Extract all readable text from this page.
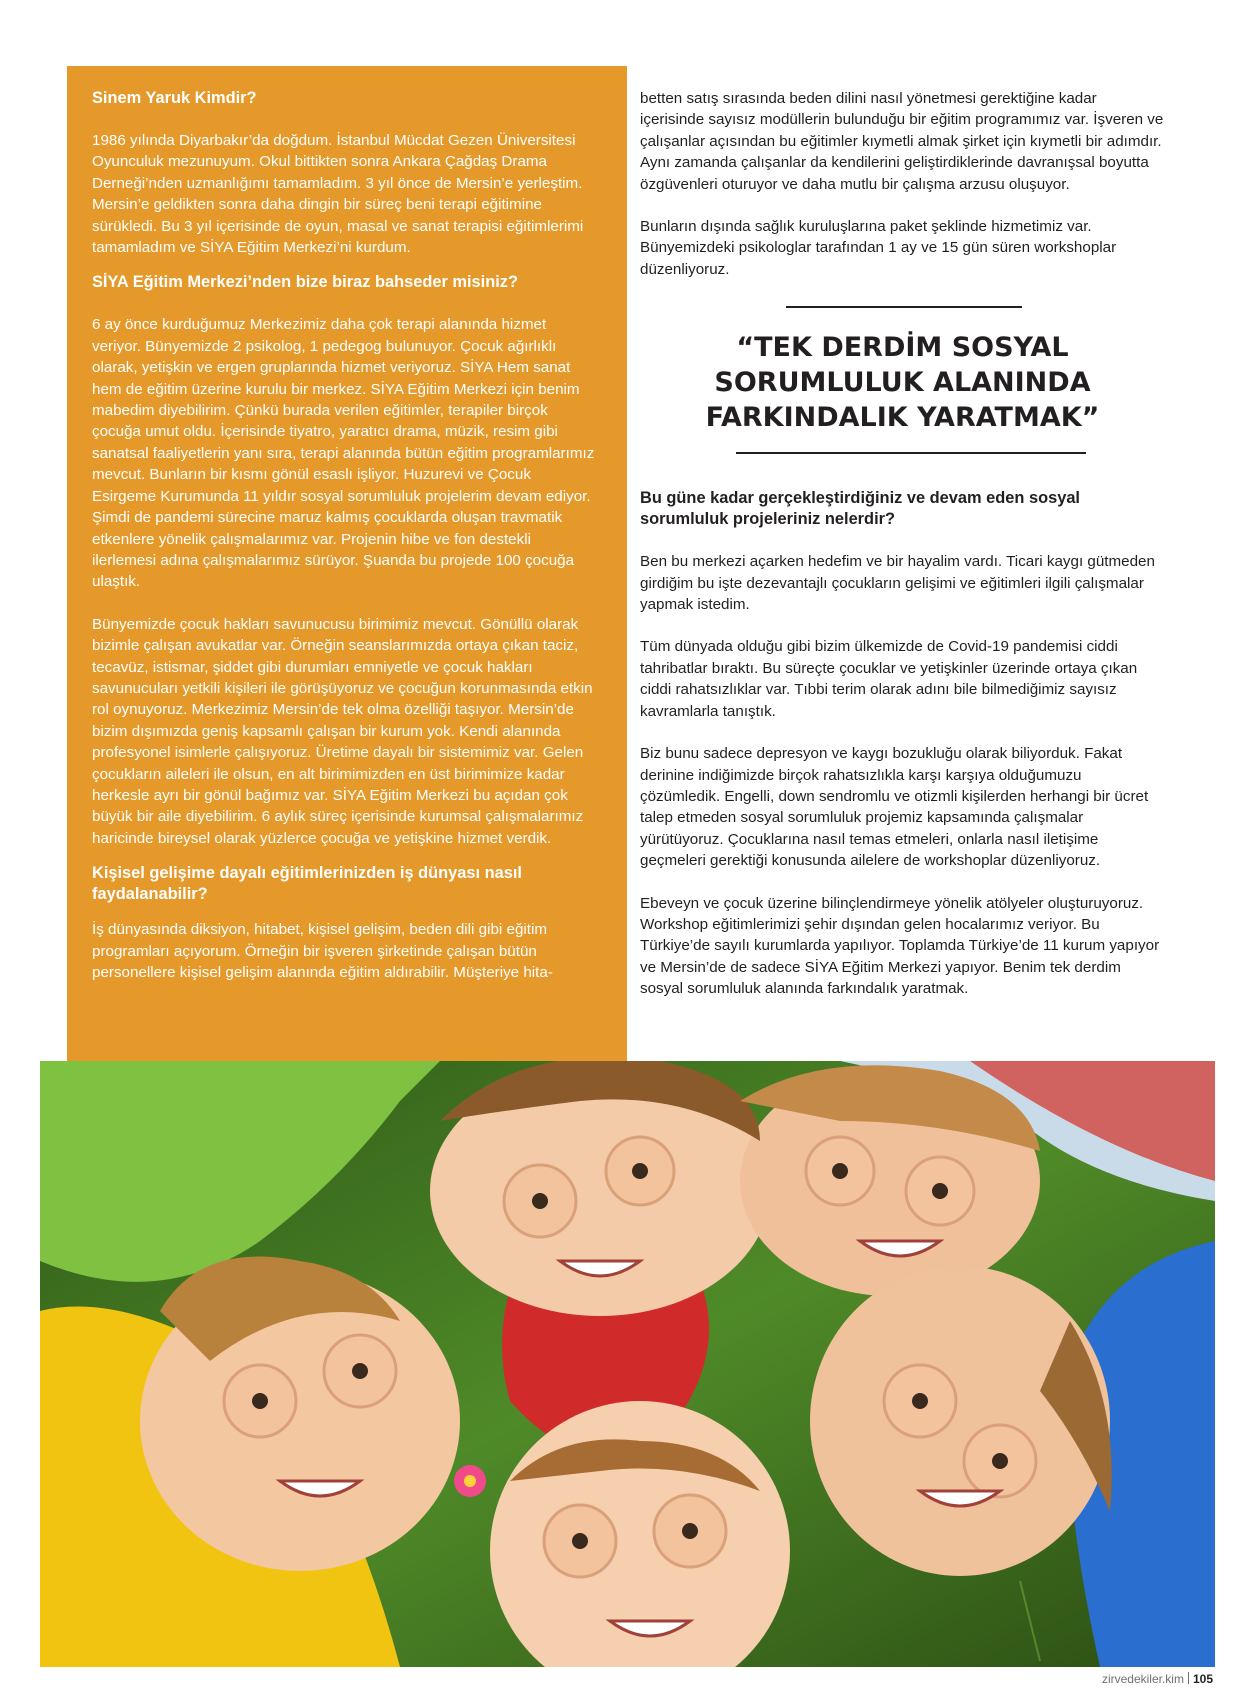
Sinem Yaruk Kimdir?

1986 yılında Diyarbakır’da doğdum. İstanbul Mücdat Gezen Üniversitesi Oyunculuk mezunuyum. Okul bittikten sonra Ankara Çağdaş Drama Derneği’nden uzmanlığımı tamamladım. 3 yıl önce de Mersin’e yerleştim. Mersin’e geldikten sonra daha dingin bir süreç beni terapi eğitimine sürükledi. Bu 3 yıl içerisinde de oyun, masal ve sanat terapisi eğitimlerimi tamamladım ve SİYA Eğitim Merkezi’ni kurdum.

SİYA Eğitim Merkezi’nden bize biraz bahseder misiniz?

6 ay önce kurduğumuz Merkezimiz daha çok terapi alanında hizmet veriyor. Bünyemizde 2 psikolog, 1 pedegog bulunuyor. Çocuk ağırlıklı olarak, yetişkin ve ergen gruplarında hizmet veriyoruz. SİYA Hem sanat hem de eğitim üzerine kurulu bir merkez. SİYA Eğitim Merkezi için benim mabedim diyebilirim. Çünkü burada verilen eğitimler, terapiler birçok çocuğa umut oldu. İçerisinde tiyatro, yaratıcı drama, müzik, resim gibi sanatsal faaliyetlerin yanı sıra, terapi alanında bütün eğitim programlarımız mevcut. Bunların bir kısmı gönül esaslı işliyor. Huzurevi ve Çocuk Esirgeme Kurumunda 11 yıldır sosyal sorumluluk projelerim devam ediyor. Şimdi de pandemi sürecine maruz kalmış çocuklarda oluşan travmatik etkenlere yönelik çalışmalarımız var. Projenin hibe ve fon destekli ilerlemesi adına çalışmalarımız sürüyor. Şuanda bu projede 100 çocuğa ulaştık.

Bünyemizde çocuk hakları savunucusu birimimiz mevcut. Gönüllü olarak bizimle çalışan avukatlar var. Örneğin seanslarımızda ortaya çıkan taciz, tecavüz, istismar, şiddet gibi durumları emniyetle ve çocuk hakları savunucuları yetkili kişileri ile görüşüyoruz ve çocuğun korunmasında etkin rol oynuyoruz. Merkezimiz Mersin’de tek olma özelliği taşıyor. Mersin’de bizim dışımızda geniş kapsamlı çalışan bir kurum yok. Kendi alanında profesyonel isimlerle çalışıyoruz. Üretime dayalı bir sistemimiz var. Gelen çocukların aileleri ile olsun, en alt birimimizden en üst birimimize kadar herkesle ayrı bir gönül bağımız var. SİYA Eğitim Merkezi bu açıdan çok büyük bir aile diyebilirim. 6 aylık süreç içerisinde kurumsal çalışmalarımız haricinde bireysel olarak yüzlerce çocuğa ve yetişkine hizmet verdik.

Kişisel gelişime dayalı eğitimlerinizden iş dünyası nasıl faydalanabilir?

İş dünyasında diksiyon, hitabet, kişisel gelişim, beden dili gibi eğitim programları açıyorum. Örneğin bir işveren şirketinde çalışan bütün personellere kişisel gelişim alanında eğitim aldırabilir. Müşteriye hita-

betten satış sırasında beden dilini nasıl yönetmesi gerektiğine kadar içerisinde sayısız modüllerin bulunduğu bir eğitim programımız var. İşveren ve çalışanlar açısından bu eğitimler kıymetli almak şirket için kıymetli bir adımdır. Aynı zamanda çalışanlar da kendilerini geliştirdiklerinde davranışsal boyutta özgüvenleri oturuyor ve daha mutlu bir çalışma arzusu oluşuyor.

Bunların dışında sağlık kuruluşlarına paket şeklinde hizmetimiz var. Bünyemizdeki psikologlar tarafından 1 ay ve 15 gün süren workshoplar düzenliyoruz.

“TEK DERDİM SOSYAL SORUMLULUK ALANINDA FARKINDALIK YARATMAK”
Bu güne kadar gerçekleştirdiğiniz ve devam eden sosyal sorumluluk projeleriniz nelerdir?

Ben bu merkezi açarken hedefim ve bir hayalim vardı. Ticari kaygı gütmeden girdiğim bu işte dezevantajlı çocukların gelişimi ve eğitimleri ilgili çalışmalar yapmak istedim.

Tüm dünyada olduğu gibi bizim ülkemizde de Covid-19 pandemisi ciddi tahribatlar bıraktı. Bu süreçte çocuklar ve yetişkinler üzerinde ortaya çıkan ciddi rahatsızlıklar var. Tıbbi terim olarak adını bile bilmediğimiz sayısız kavramlarla tanıştık.

Biz bunu sadece depresyon ve kaygı bozukluğu olarak biliyorduk. Fakat derinine indiğimizde birçok rahatsızlıkla karşı karşıya olduğumuzu çözümledik. Engelli, down sendromlu ve otizmli kişilerden herhangi bir ücret talep etmeden sosyal sorumluluk projemiz kapsamında çalışmalar yürütüyoruz. Çocuklarına nasıl temas etmeleri, onlarla nasıl iletişime geçmeleri gerektiği konusunda ailelere de workshoplar düzenliyoruz.

Ebeveyn ve çocuk üzerine bilinçlendirmeye yönelik atölyeler oluşturuyoruz. Workshop eğitimlerimizi şehir dışından gelen hocalarımız veriyor. Bu Türkiye’de sayılı kurumlarda yapılıyor. Toplamda Türkiye’de 11 kurum yapıyor ve Mersin’de de sadece SİYA Eğitim Merkezi yapıyor. Benim tek derdim sosyal sorumluluk alanında farkındalık yaratmak.

zirvedekiler.kim 105
